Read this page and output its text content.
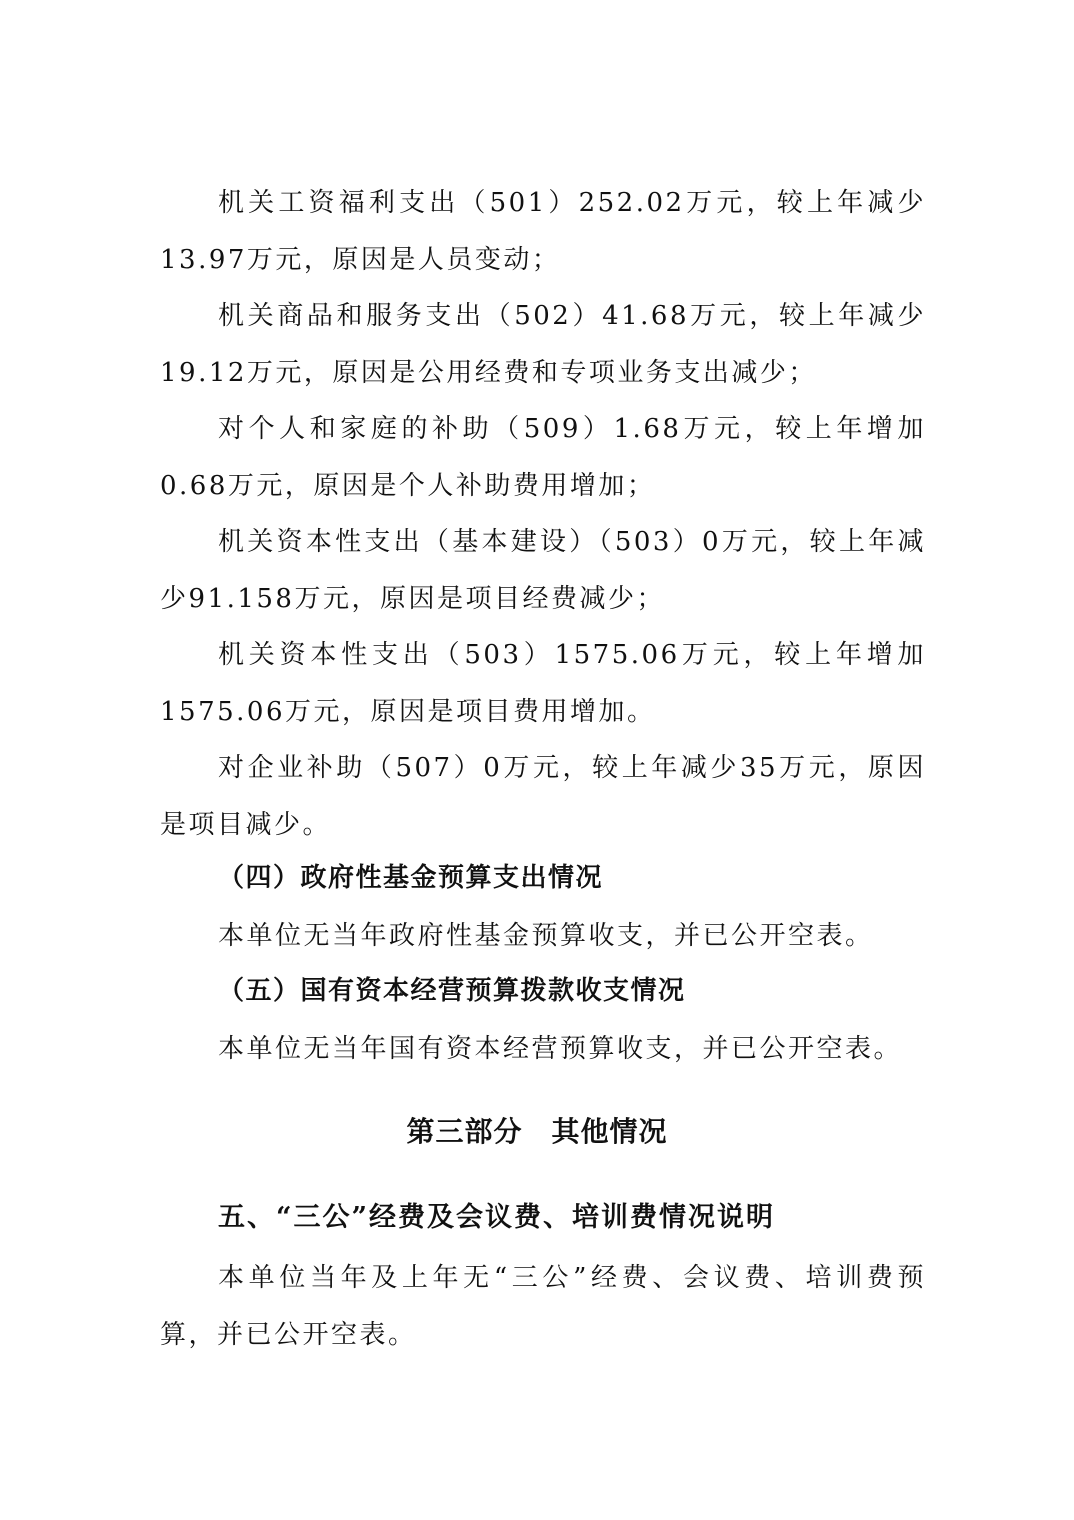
机关工资福利支出（501）252.02万元，较上年减少13.97万元，原因是人员变动；

机关商品和服务支出（502）41.68万元，较上年减少19.12万元，原因是公用经费和专项业务支出减少；

对个人和家庭的补助（509）1.68万元，较上年增加0.68万元，原因是个人补助费用增加；

机关资本性支出（基本建设）（503）0万元，较上年减少91.158万元，原因是项目经费减少；

机关资本性支出（503）1575.06万元，较上年增加1575.06万元，原因是项目费用增加。

对企业补助（507）0万元，较上年减少35万元，原因是项目减少。

（四）政府性基金预算支出情况

本单位无当年政府性基金预算收支，并已公开空表。

（五）国有资本经营预算拨款收支情况

本单位无当年国有资本经营预算收支，并已公开空表。

第三部分　其他情况
五、“三公”经费及会议费、培训费情况说明

本单位当年及上年无“三公”经费、会议费、培训费预算，并已公开空表。
